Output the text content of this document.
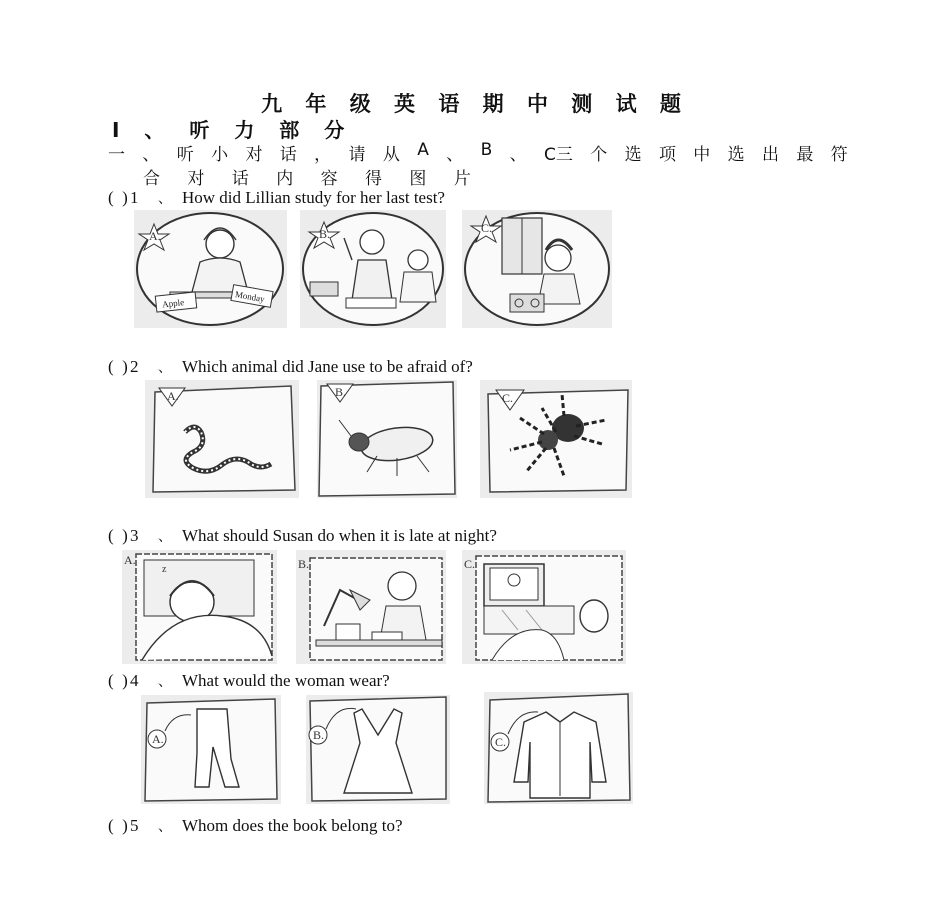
九 年 级 英 语 期 中 测 试 题
Ⅰ 、 听 力 部 分
一 、 听 小 对 话 ， 请 从 A 、 B 、 C三 个 选 项 中 选 出 最 符
合 对 话 内 容 得 图 片
( ) 1 、 How did Lillian study for her last test?
A.
Apple	Monday
B.	C.
( ) 2 、 Which animal did Jane use to be afraid of?
A.	B.	C.
( ) 3 、 What should Susan do when it is late at night?
A.
z	B.	C.
( ) 4 、 What would the woman wear?
A.	B.	C.
( ) 5 、 Whom does the book belong to?
